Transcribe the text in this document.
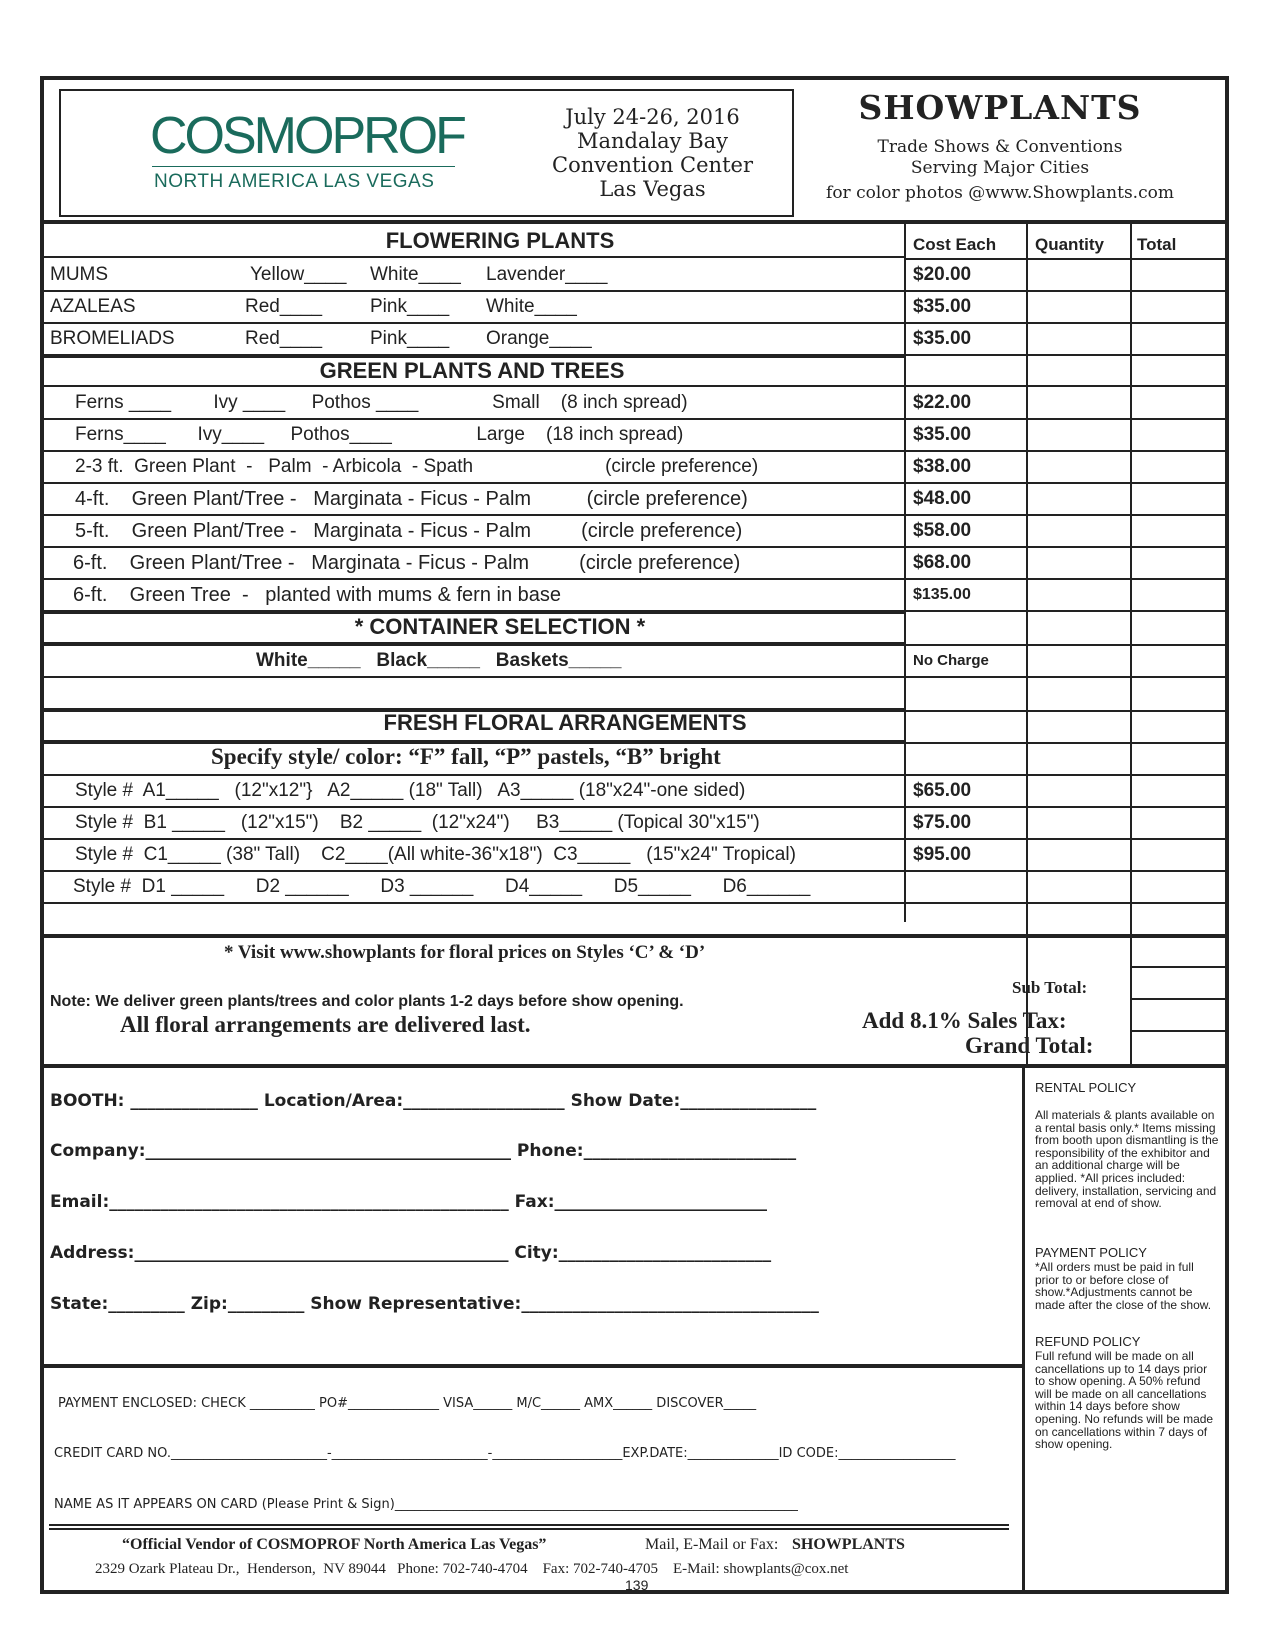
COSMOPROF
NORTH AMERICA LAS VEGAS
July 24-26, 2016
Mandalay Bay
Convention Center
Las Vegas
SHOWPLANTS
Trade Shows & Conventions
Serving Major Cities
for color photos @www.Showplants.com
Cost Each Quantity Total
FLOWERING PLANTS
MUMS	Yellow____ White____ Lavender____	$20.00
AZALEAS	Red____	Pink____ White____	$35.00
BROMELIADS	Red____	Pink____ Orange____	$35.00
GREEN PLANTS AND TREES
Ferns ____        Ivy ____     Pothos ____              Small    (8 inch spread)	$22.00
Ferns____      Ivy____     Pothos____                Large    (18 inch spread)	$35.00
2-3 ft.  Green Plant  -   Palm  - Arbicola  - Spath                         (circle preference)	$38.00
4-ft.    Green Plant/Tree -   Marginata - Ficus - Palm          (circle preference)	$48.00
5-ft.    Green Plant/Tree -   Marginata - Ficus - Palm         (circle preference)	$58.00
6-ft.    Green Plant/Tree -   Marginata - Ficus - Palm         (circle preference)	$68.00
6-ft.    Green Tree  -   planted with mums & fern in base	$135.00
* CONTAINER SELECTION *
White_____   Black_____   Baskets_____	No Charge
FRESH FLORAL ARRANGEMENTS
Specify style/ color: “F” fall, “P” pastels, “B” bright
Style #  A1_____   (12"x12"}   A2_____ (18" Tall)   A3_____ (18"x24"-one sided)	$65.00
Style #  B1 _____   (12"x15")    B2 _____  (12"x24")     B3_____ (Topical 30"x15")	$75.00
Style #  C1_____ (38" Tall)    C2____(All white-36"x18")  C3_____   (15"x24" Tropical)	$95.00
Style #  D1 _____      D2 ______      D3 ______      D4_____      D5_____      D6______
* Visit www.showplants for floral prices on Styles ‘C’ & ‘D’
Note: We deliver green plants/trees and color plants 1-2 days before show opening.
All floral arrangements are delivered last.
Sub Total:
Add 8.1% Sales Tax:
Grand Total:
BOOTH: _______________ Location/Area:___________________ Show Date:________________
Company:___________________________________________ Phone:_________________________
Email:_______________________________________________ Fax:_________________________
Address:____________________________________________ City:_________________________
State:_________ Zip:_________ Show Representative:___________________________________
PAYMENT ENCLOSED: CHECK __________ PO#______________ VISA______ M/C______ AMX______ DISCOVER_____
CREDIT CARD NO.________________________-________________________-____________________EXP.DATE:______________ID CODE:__________________
NAME AS IT APPEARS ON CARD (Please Print & Sign)______________________________________________________________
“Official Vendor of COSMOPROF North America Las Vegas”	Mail, E-Mail or Fax: SHOWPLANTS
2329 Ozark Plateau Dr.,  Henderson,  NV 89044   Phone: 702-740-4704    Fax: 702-740-4705    E-Mail: showplants@cox.net
139
RENTAL POLICY
All materials & plants available on a rental basis only.* Items missing from booth upon dismantling is the responsibility of the exhibitor and an additional charge will be applied. *All prices included: delivery, installation, servicing and removal at end of show.
PAYMENT POLICY
*All orders must be paid in full prior to or before close of show.*Adjustments cannot be made after the close of the show.
REFUND POLICY
Full refund will be made on all cancellations up to 14 days prior to show opening. A 50% refund will be made on all cancellations within 14 days before show opening. No refunds will be made on cancellations within 7 days of show opening.
